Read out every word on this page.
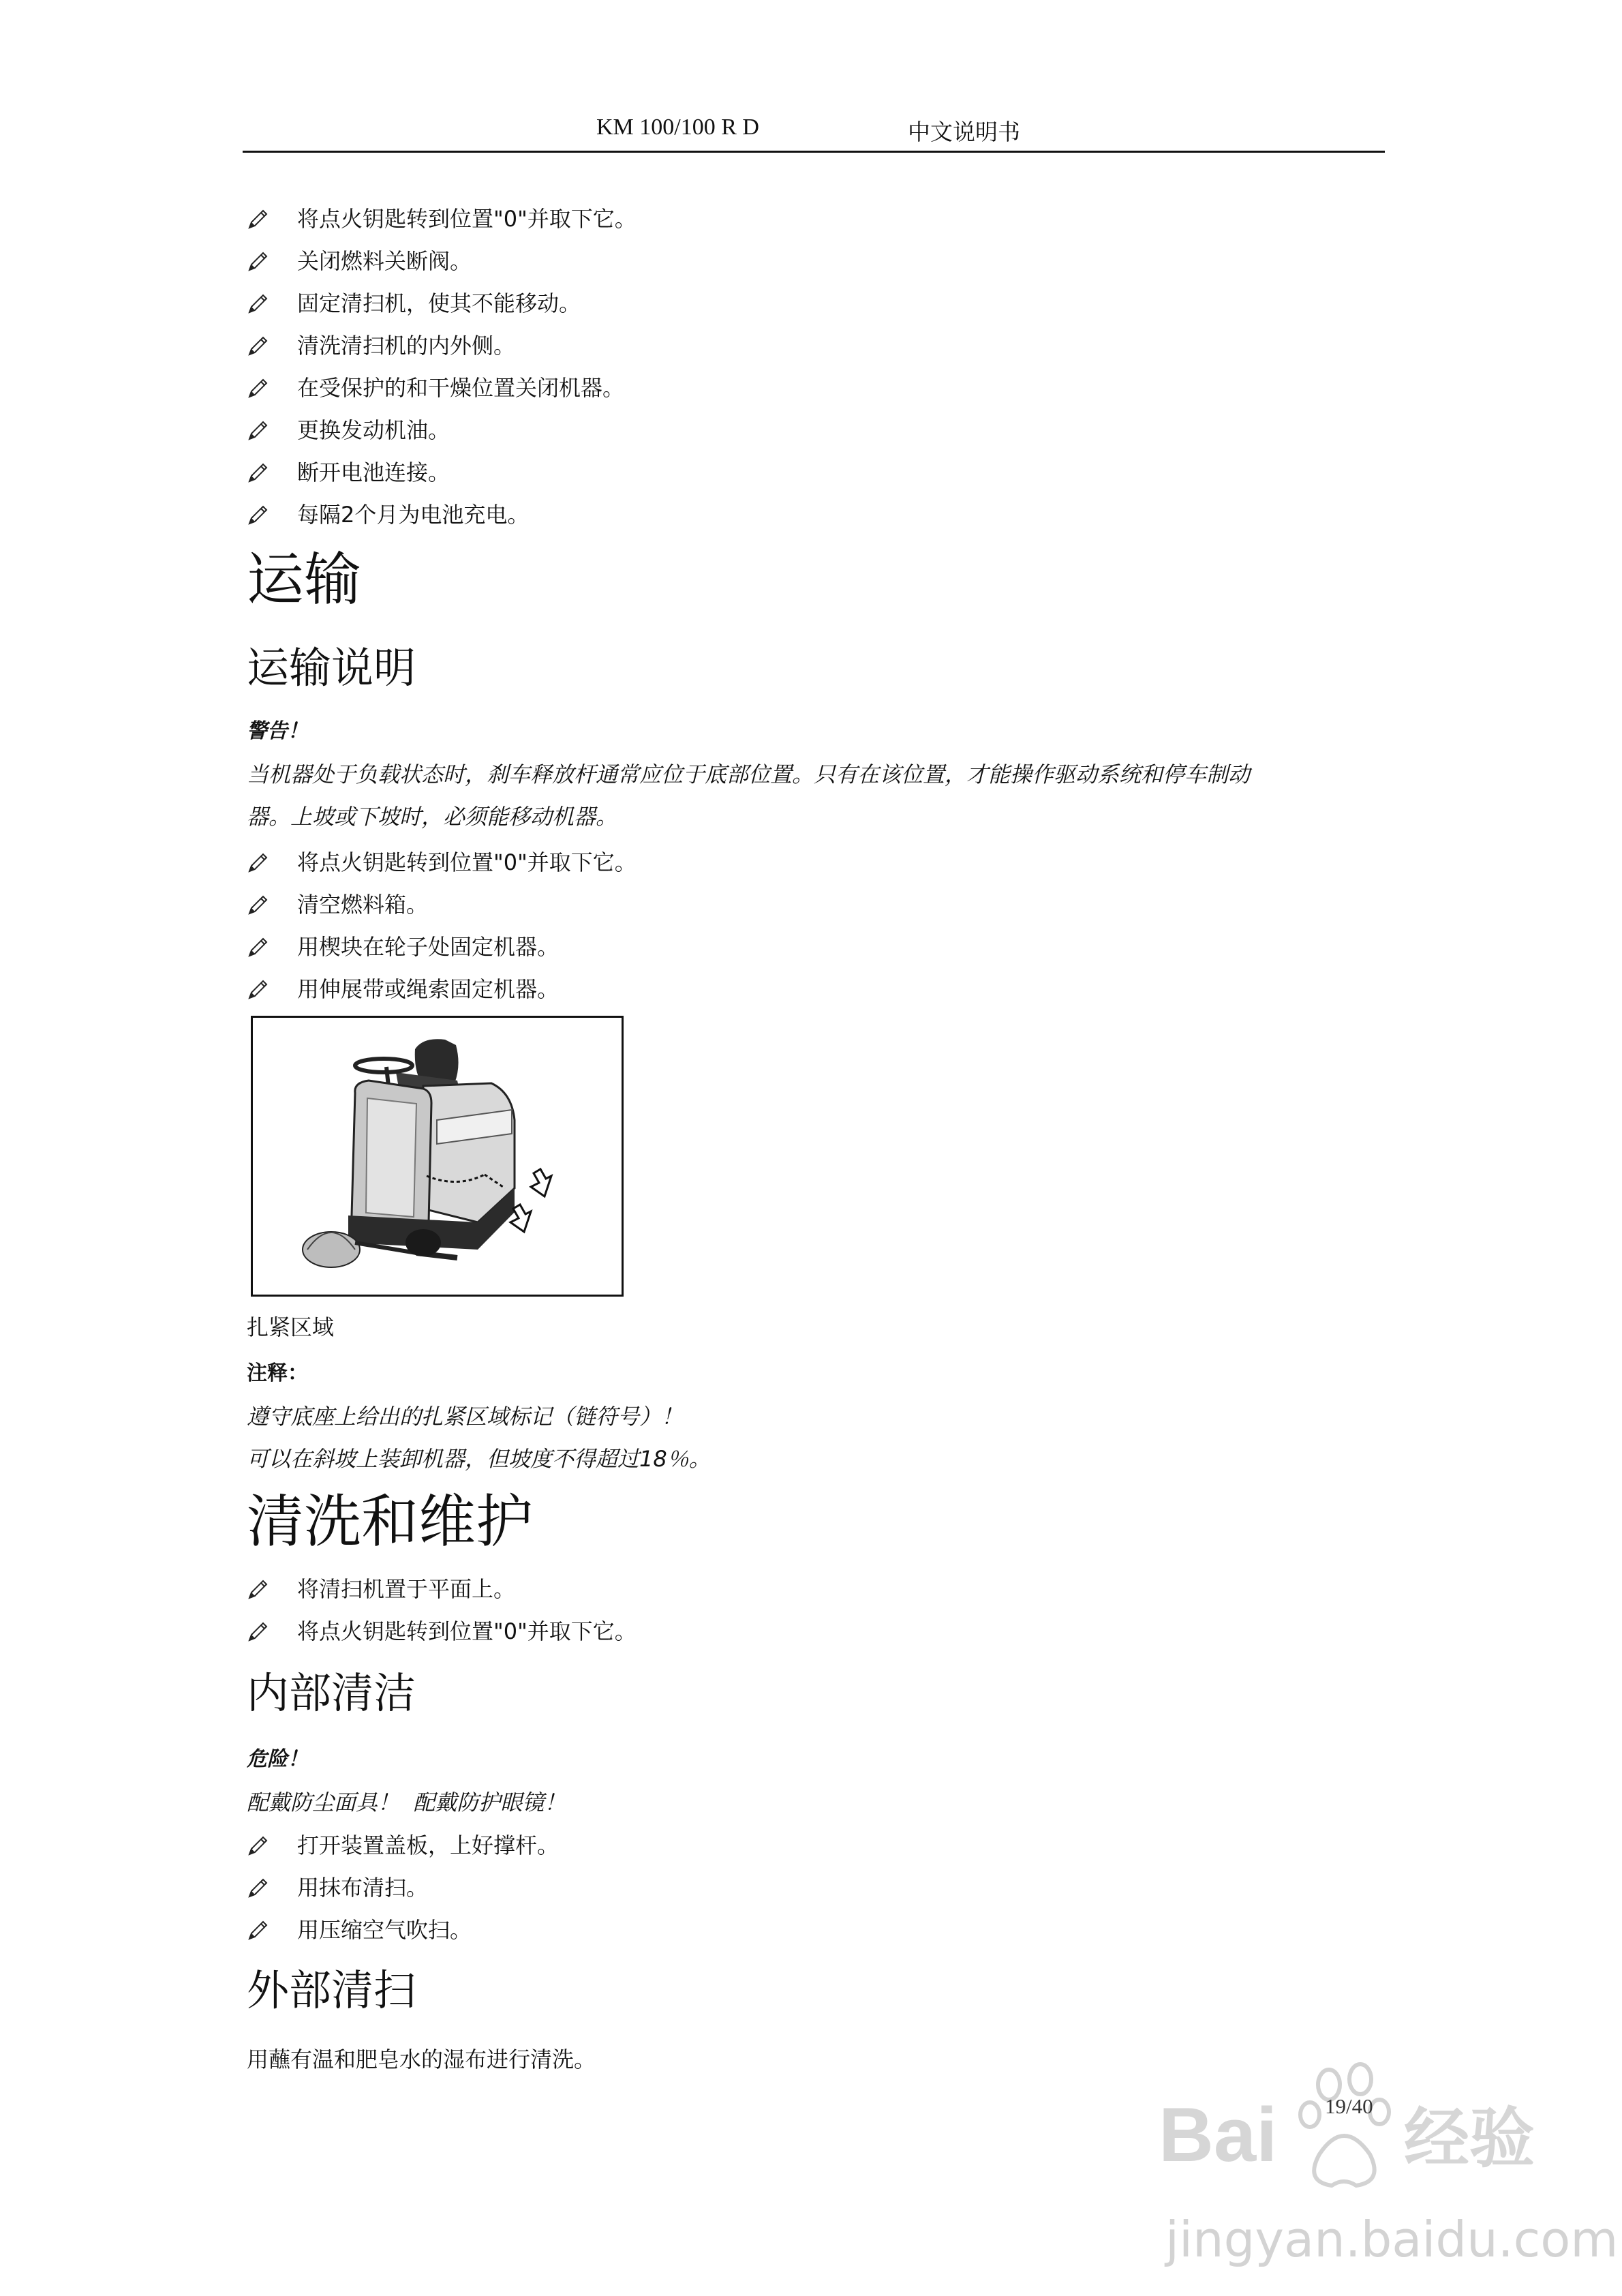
KM 100/100 R D	中文说明书
将点火钥匙转到位置"0"并取下它。
关闭燃料关断阀。
固定清扫机，使其不能移动。
清洗清扫机的内外侧。
在受保护的和干燥位置关闭机器。
更换发动机油。
断开电池连接。
每隔2个月为电池充电。
运输
运输说明
警告！
当机器处于负载状态时，刹车释放杆通常应位于底部位置。只有在该位置，才能操作驱动系统和停车制动
器。上坡或下坡时，必须能移动机器。
将点火钥匙转到位置"0"并取下它。
清空燃料箱。
用楔块在轮子处固定机器。
用伸展带或绳索固定机器。
扎紧区域
注释：
遵守底座上给出的扎紧区域标记（链符号）！
可以在斜坡上装卸机器，但坡度不得超过18％。
清洗和维护
将清扫机置于平面上。
将点火钥匙转到位置"0"并取下它。
内部清洁
危险！
配戴防尘面具！  配戴防护眼镜！
打开装置盖板，上好撑杆。
用抹布清扫。
用压缩空气吹扫。
外部清扫
用蘸有温和肥皂水的湿布进行清洗。
Bai 经验
jingyan.baidu.com
19/40
